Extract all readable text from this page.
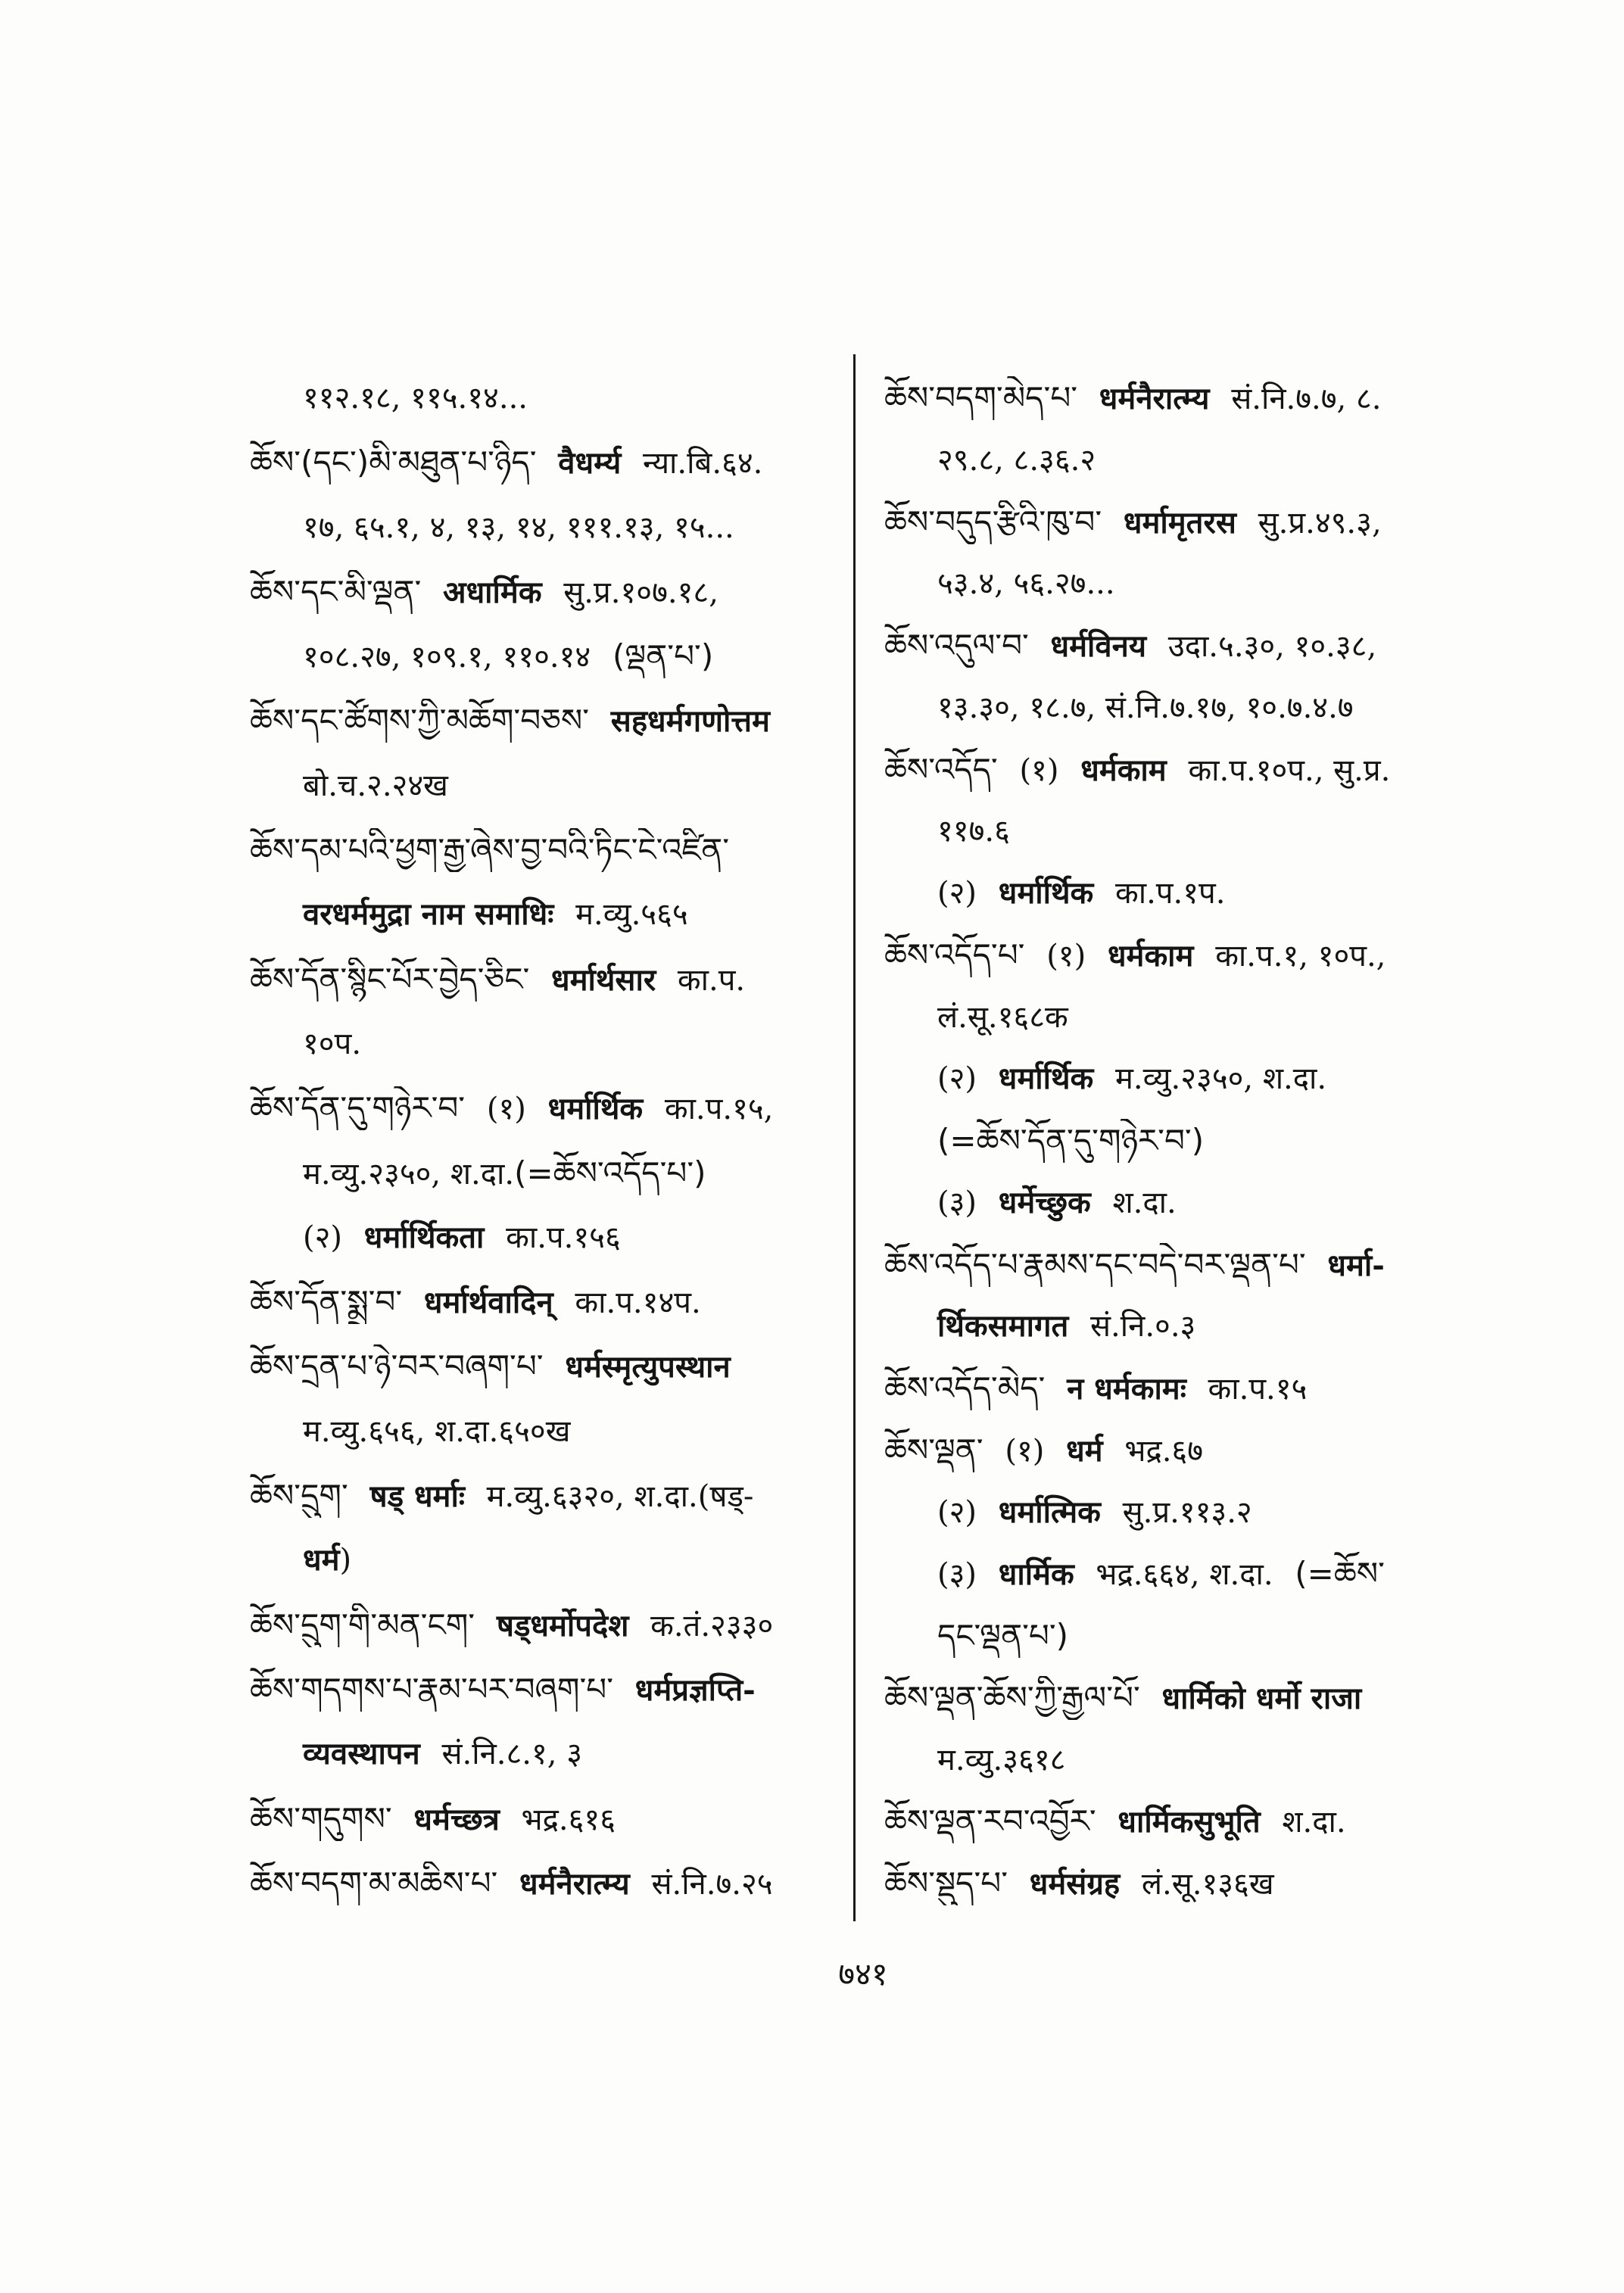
११२.१८, ११५.१४...
ཆོས་(དང་)མི་མཐུན་པ་ཉིད་ वैधर्म्य न्या.बि.६४.
१७, ६५.१, ४, १३, १४, १११.१३, १५...
ཆོས་དང་མི་ལྡན་ अधार्मिक सु.प्र.१०७.१८,
१०८.२७, १०९.१, ११०.१४ (ལྡན་པ་)
ཆོས་དང་ཚོགས་ཀྱི་མཆོག་བཅས་ सहधर्मगणोत्तम
बो.च.२.२४ख
ཆོས་དམ་པའི་ཕྱག་རྒྱ་ཞེས་བྱ་བའི་ཏིང་ངེ་འཛིན་
वरधर्ममुद्रा नाम समाधिः म.व्यु.५६५
ཆོས་དོན་སྙིང་པོར་བྱེད་ཅིང་ धर्मार्थसार का.प.
१०प.
ཆོས་དོན་དུ་གཉེར་བ་ (१) धर्मार्थिक का.प.१५,
म.व्यु.२३५०, श.दा.(=ཆོས་འདོད་པ་)
(२) धर्मार्थिकता का.प.१५६
ཆོས་དོན་སྨྲ་བ་ धर्मार्थवादिन् का.प.१४प.
ཆོས་དྲན་པ་ཉེ་བར་བཞག་པ་ धर्मस्मृत्युपस्थान
म.व्यु.६५६, श.दा.६५०ख
ཆོས་དྲུག་ षड् धर्माः म.व्यु.६३२०, श.दा.(षड्-
धर्म)
ཆོས་དྲུག་གི་མན་ངག་ षड्धर्मोपदेश क.तं.२३३०
ཆོས་གདགས་པ་རྣམ་པར་བཞག་པ་ धर्मप्रज्ञप्ति-
व्यवस्थापन सं.नि.८.१, ३
ཆོས་གདུགས་ धर्मच्छत्र भद्र.६१६
ཆོས་བདག་མ་མཆིས་པ་ धर्मनैरात्म्य सं.नि.७.२५
ཆོས་བདག་མེད་པ་ धर्मनैरात्म्य सं.नि.७.७, ८.
२९.८, ८.३६.२
ཆོས་བདུད་རྩིའི་ཁུ་བ་ धर्मामृतरस सु.प्र.४९.३,
५३.४, ५६.२७...
ཆོས་འདུལ་བ་ धर्मविनय उदा.५.३०, १०.३८,
१३.३०, १८.७, सं.नि.७.१७, १०.७.४.७
ཆོས་འདོད་ (१) धर्मकाम का.प.१०प., सु.प्र.
११७.६
(२) धर्मार्थिक का.प.१प.
ཆོས་འདོད་པ་ (१) धर्मकाम का.प.१, १०प.,
लं.सू.१६८क
(२) धर्मार्थिक म.व्यु.२३५०, श.दा.
(=ཆོས་དོན་དུ་གཉེར་བ་)
(३) धर्मेच्छुक श.दा.
ཆོས་འདོད་པ་རྣམས་དང་བདེ་བར་ལྡན་པ་ धर्मा-
र्थिकसमागत सं.नि.०.३
ཆོས་འདོད་མེད་ न धर्मकामः का.प.१५
ཆོས་ལྡན་ (१) धर्म भद्र.६७
(२) धर्मात्मिक सु.प्र.११३.२
(३) धार्मिक भद्र.६६४, श.दा. (=ཆོས་
དང་ལྡན་པ་)
ཆོས་ལྡན་ཆོས་ཀྱི་རྒྱལ་པོ་ धार्मिको धर्मो राजा
म.व्यु.३६१८
ཆོས་ལྡན་རབ་འབྱོར་ धार्मिकसुभूति श.दा.
ཆོས་སྡུད་པ་ धर्मसंग्रह लं.सू.१३६ख
७४१
